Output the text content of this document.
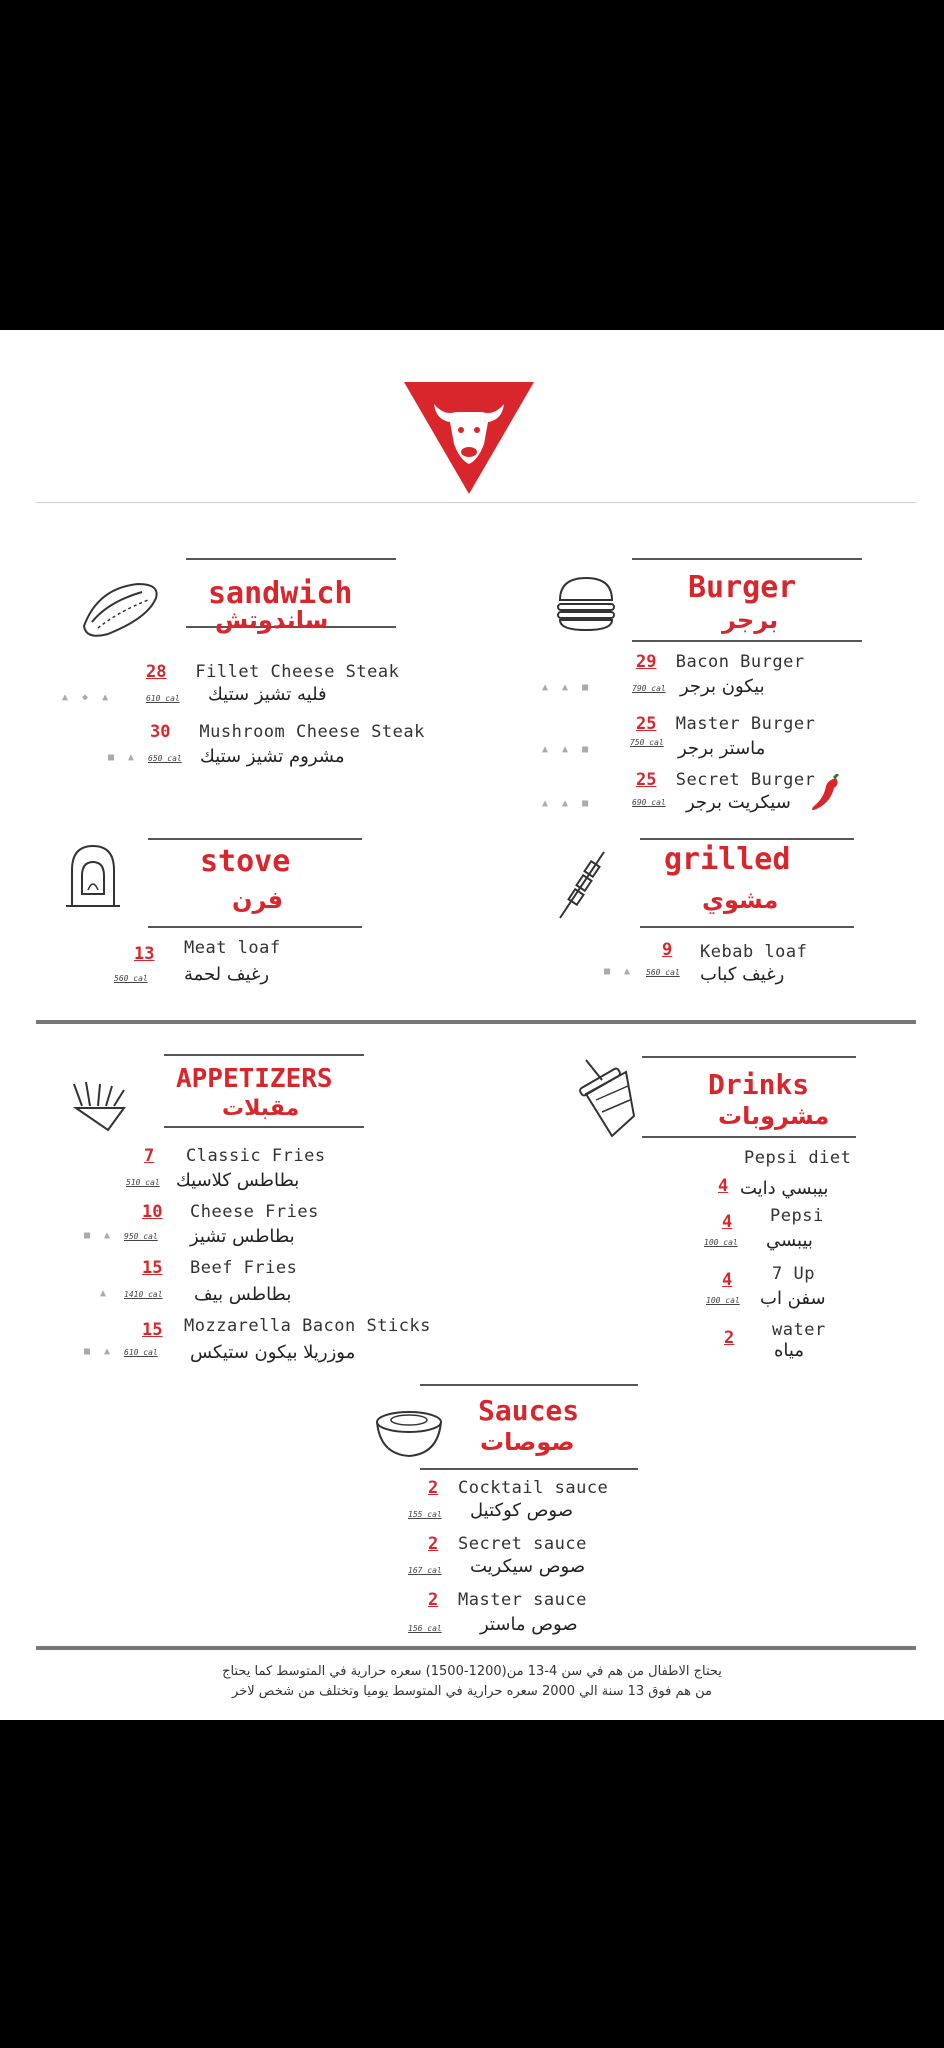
sandwich
ساندوتش
28 Fillet Cheese Steak
▲ ◆ ▲	610 cal فليه تشيز ستيك
30 Mushroom Cheese Steak
■ ▲ 650 cal مشروم تشيز ستيك
Burger
برجر
29 Bacon Burger
▲ ▲ ■	790 cal بيكون برجر
25 Master Burger
▲ ▲ ■
750 cal ماستر برجر
25 Secret Burger
▲ ▲ ■	690 cal سيكريت برجر
stove
فرن
13 Meat loaf
560 cal رغيف لحمة
grilled
مشوي
9 Kebab loaf
■ ▲ 560 cal رغيف كباب
APPETIZERS
مقبلات
7 Classic Fries
510 cal بطاطس كلاسيك
10 Cheese Fries
■ ▲ 950 cal بطاطس تشيز
15 Beef Fries
▲ 1410 cal بطاطس بيف
15 Mozzarella Bacon Sticks
■ ▲ 610 cal موزريلا بيكون ستيكس
Drinks
مشروبات
Pepsi diet
4 بيبسي دايت
Pepsi
4
100 cal بيبسي
7 Up
4
100 cal سفن اب
water
2
مياه
Sauces
صوصات
2 Cocktail sauce
155 cal صوص كوكتيل
2 Secret sauce
167 cal صوص سيكريت
2 Master sauce
156 cal صوص ماستر
يحتاج الاطفال من هم في سن 4-13 من(1200-1500) سعره حرارية في المتوسط كما يحتاج
من هم فوق 13 سنة الي 2000 سعره حرارية في المتوسط يوميا وتختلف من شخص لاخر
